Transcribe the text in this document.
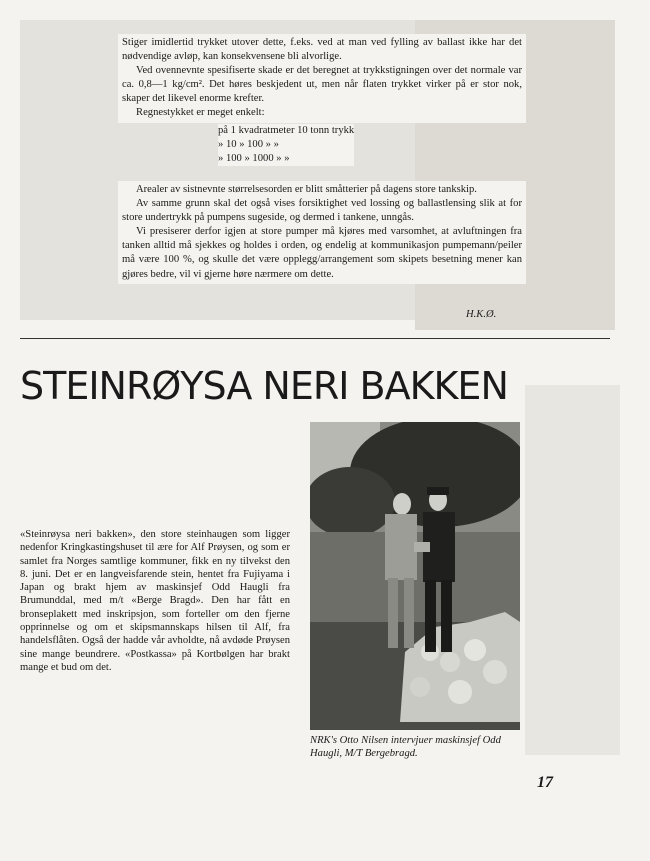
Stiger imidlertid trykket utover dette, f.eks. ved at man ved fylling av ballast ikke har det nødvendige avløp, kan konsekvensene bli alvorlige.

Ved ovennevnte spesifiserte skade er det beregnet at trykkstigningen over det normale var ca. 0,8—1 kg/cm². Det høres beskjedent ut, men når flaten trykket virker på er stor nok, skaper det likevel enorme krefter.

Regnestykket er meget enkelt:

på 1 kvadratmeter 10 tonn trykk
» 10 » 100 » »
» 100 » 1000 » »

Arealer av sistnevnte størrelsesorden er blitt småtterier på dagens store tankskip.

Av samme grunn skal det også vises forsiktighet ved lossing og ballastlensing slik at for store undertrykk på pumpens sugeside, og dermed i tankene, unngås.

Vi presiserer derfor igjen at store pumper må kjøres med varsomhet, at avluftningen fra tanken alltid må sjekkes og holdes i orden, og endelig at kommunikasjon pumpemann/peiler må være 100 %, og skulle det være opplegg/arrangement som skipets besetning mener kan gjøres bedre, vil vi gjerne høre nærmere om dette.

H.K.Ø.
STEINRØYSA NERI BAKKEN
«Steinrøysa neri bakken», den store steinhaugen som ligger nedenfor Kringkastingshuset til ære for Alf Prøysen, og som er samlet fra Norges samtlige kommuner, fikk en ny tilvekst den 8. juni. Det er en langveisfarende stein, hentet fra Fujiyama i Japan og brakt hjem av maskinsjef Odd Haugli fra Brumunddal, med m/t «Berge Bragd». Den har fått en bronseplakett med inskripsjon, som forteller om den fjerne opprinnelse og om et skipsmannskaps hilsen til Alf, fra handelsflåten. Også der hadde vår avholdte, nå avdøde Prøysen sine mange beundrere. «Postkassa» på Kortbølgen har brakt mange et bud om det.
NRK's Otto Nilsen intervjuer maskinsjef Odd Haugli, M/T Bergebragd.
17
